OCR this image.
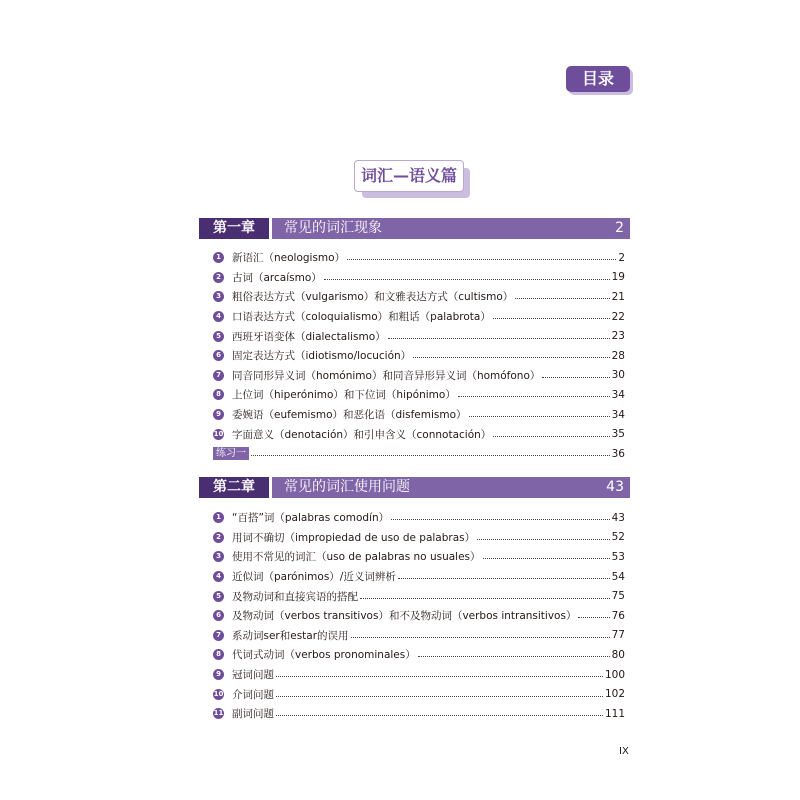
目录
词汇—语义篇
第一章	常见的词汇现象	2
1 新语汇（neologismo）	2
2 古词（arcaísmo）	19
3 粗俗表达方式（vulgarismo）和文雅表达方式（cultismo）	21
4 口语表达方式（coloquialismo）和粗话（palabrota）	22
5 西班牙语变体（dialectalismo）	23
6 固定表达方式（idiotismo/locución）	28
7 同音同形异义词（homónimo）和同音异形异义词（homófono）	30
8 上位词（hiperónimo）和下位词（hipónimo）	34
9 委婉语（eufemismo）和恶化语（disfemismo）	34
10 字面意义（denotación）和引申含义（connotación）	35
练习一	36
第二章	常见的词汇使用问题	43
1 “百搭”词（palabras comodín）	43
2 用词不确切（impropiedad de uso de palabras）	52
3 使用不常见的词汇（uso de palabras no usuales）	53
4 近似词（parónimos）/近义词辨析	54
5 及物动词和直接宾语的搭配	75
6 及物动词（verbos transitivos）和不及物动词（verbos intransitivos）	76
7 系动词ser和estar的误用	77
8 代词式动词（verbos pronominales）	80
9 冠词问题	100
10 介词问题	102
11 副词问题	111
IX
